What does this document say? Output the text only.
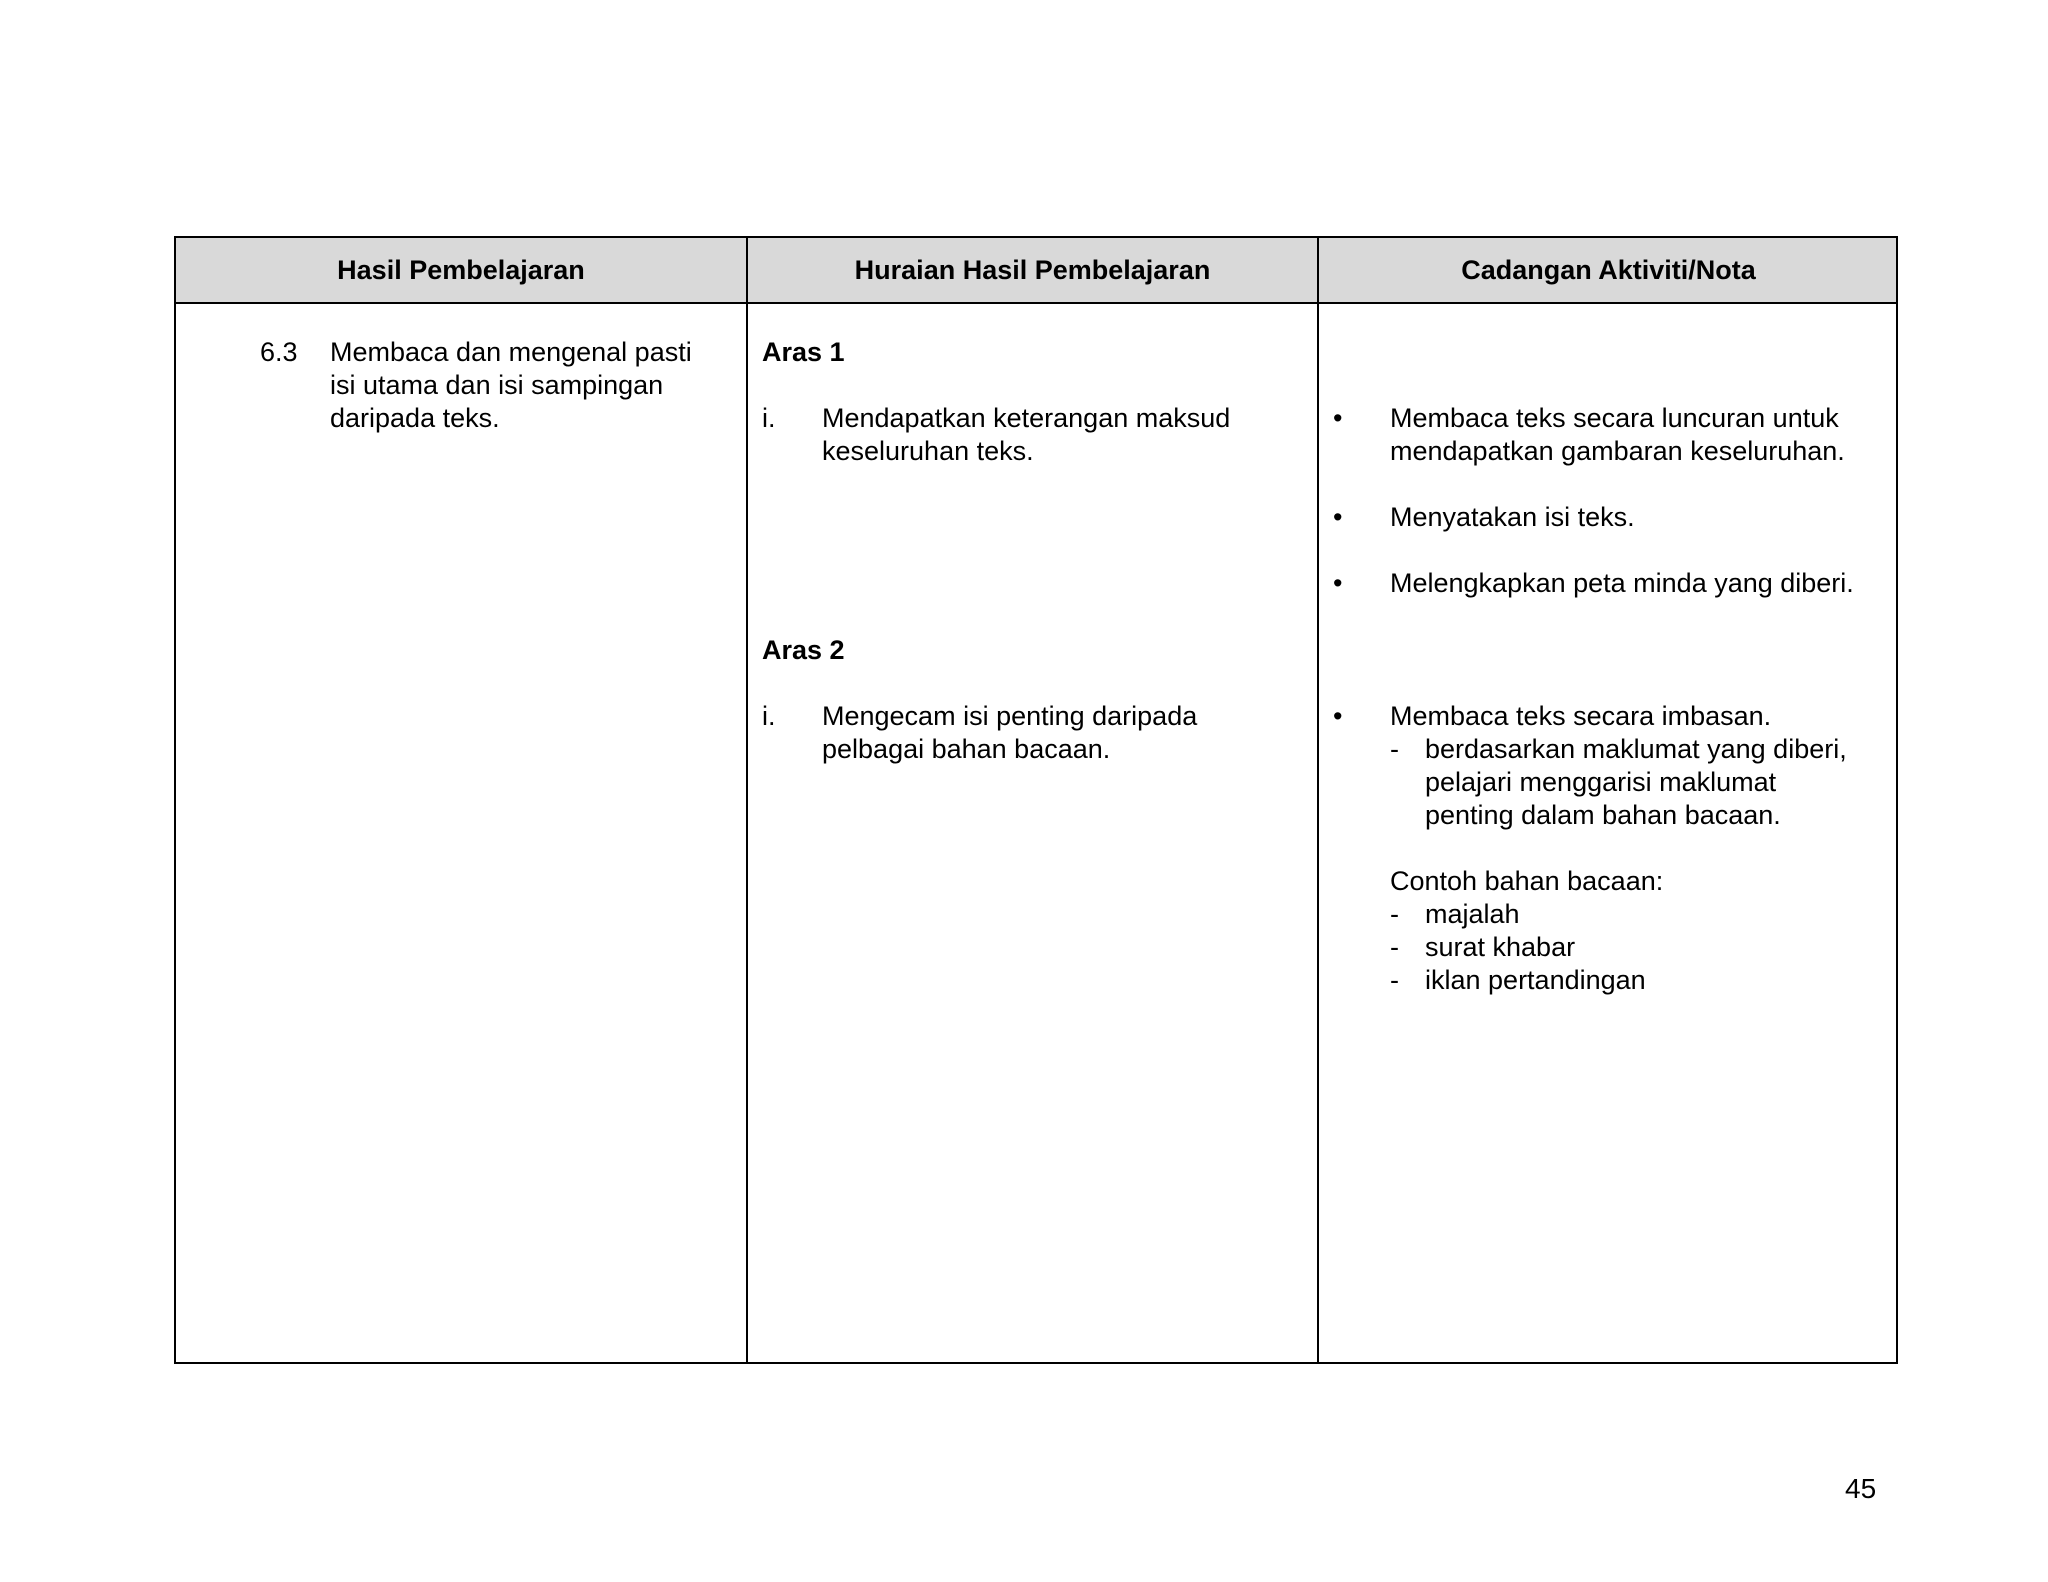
Hasil Pembelajaran	Huraian Hasil Pembelajaran	Cadangan Aktiviti/Nota
6.3 Membaca dan mengenal pasti
isi utama dan isi sampingan
daripada teks.
Aras 1
i. Mendapatkan keterangan maksud
keseluruhan teks.
Aras 2
i. Mengecam isi penting daripada
pelbagai bahan bacaan.
• Membaca teks secara luncuran untuk
mendapatkan gambaran keseluruhan.
• Menyatakan isi teks.
• Melengkapkan peta minda yang diberi.
• Membaca teks secara imbasan.
- berdasarkan maklumat yang diberi,
pelajari menggarisi maklumat
penting dalam bahan bacaan.
Contoh bahan bacaan:
- majalah
- surat khabar
- iklan pertandingan
45
